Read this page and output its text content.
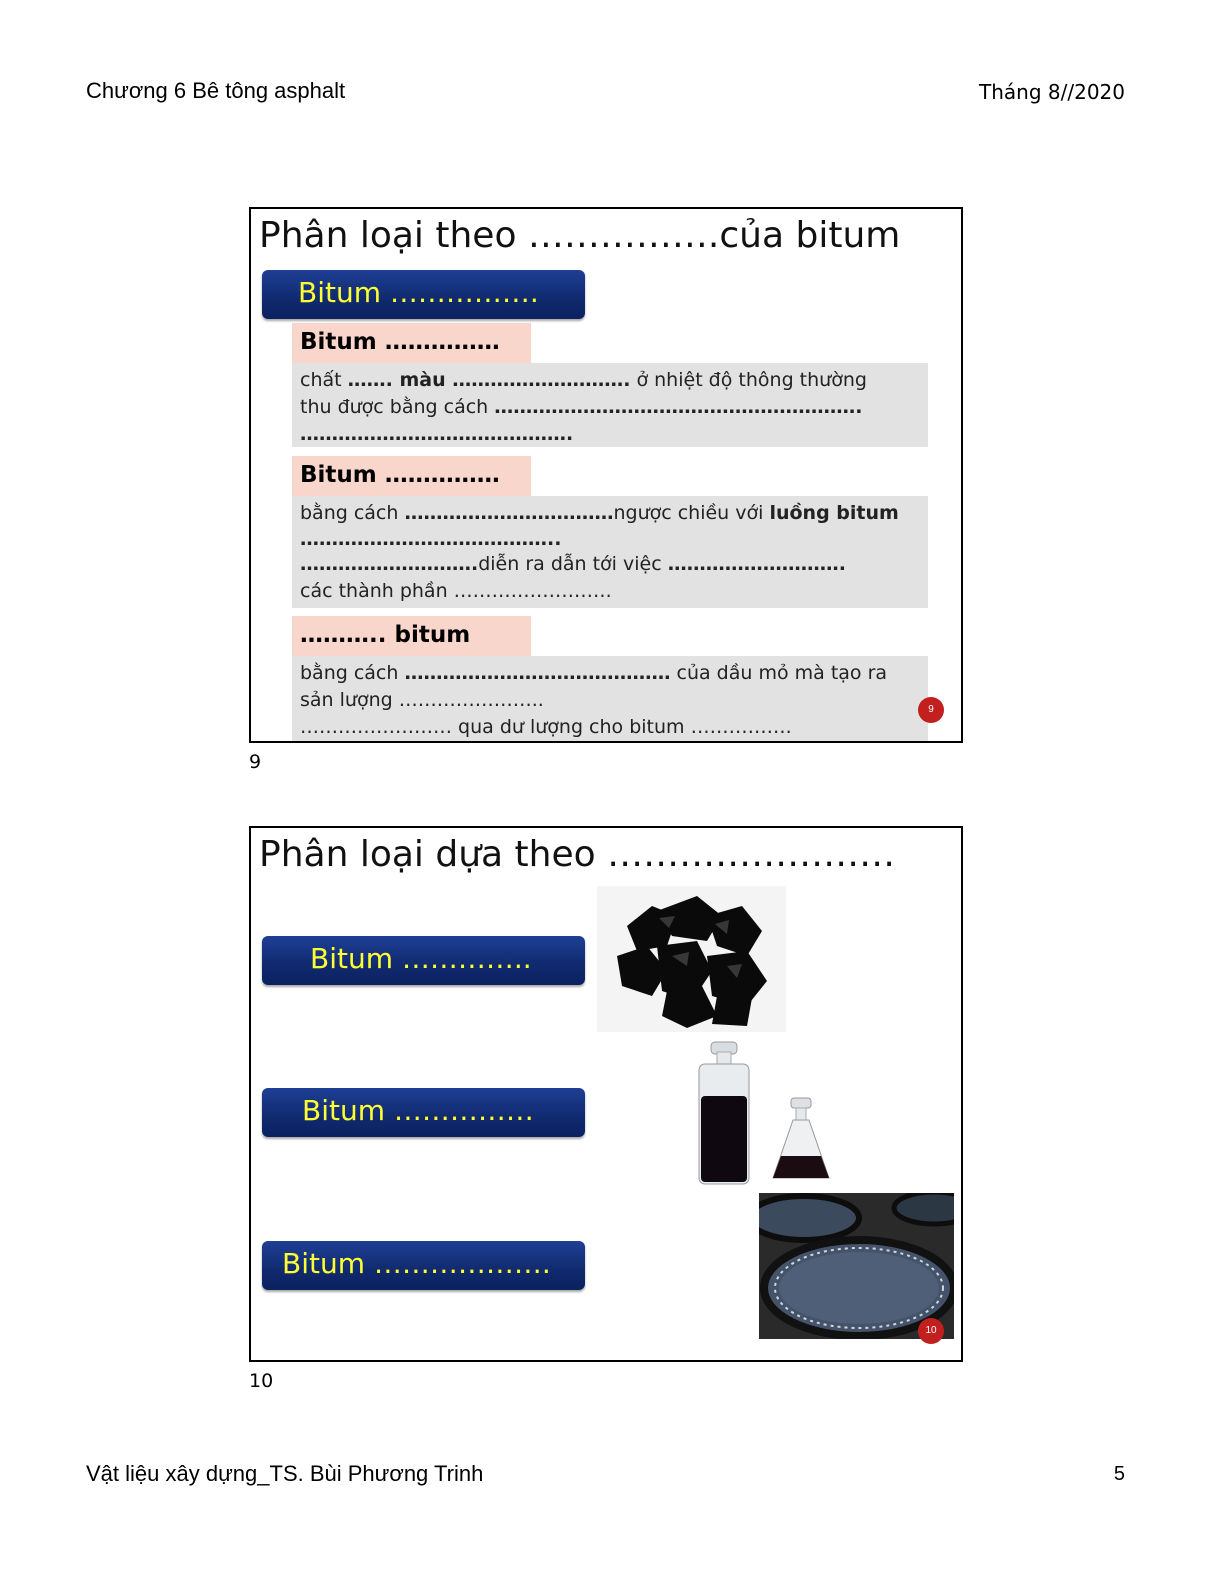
Chương 6 Bê tông asphalt	Tháng 8//2020
Phân loại theo …………….của bitum
Bitum …………….
Bitum ……………
chất ……. màu ………………………. ở nhiệt độ thông thường
thu được bằng cách ………………………………………………….
…………………………………….
Bitum ……………
bằng cách ……………………………ngược chiều với luồng bitum
…………………………………..
……………………….diễn ra dẫn tới việc ……………………….
các thành phần …………………….
……….. bitum
bằng cách …………………………………… của dầu mỏ mà tạo ra
sản lượng …………………..
…………………… qua dư lượng cho bitum …………….
9
9
Phân loại dựa theo ……………………
Bitum …………..
Bitum ……………
Bitum ……………….
10
10
Vật liệu xây dựng_TS. Bùi Phương Trinh	5
